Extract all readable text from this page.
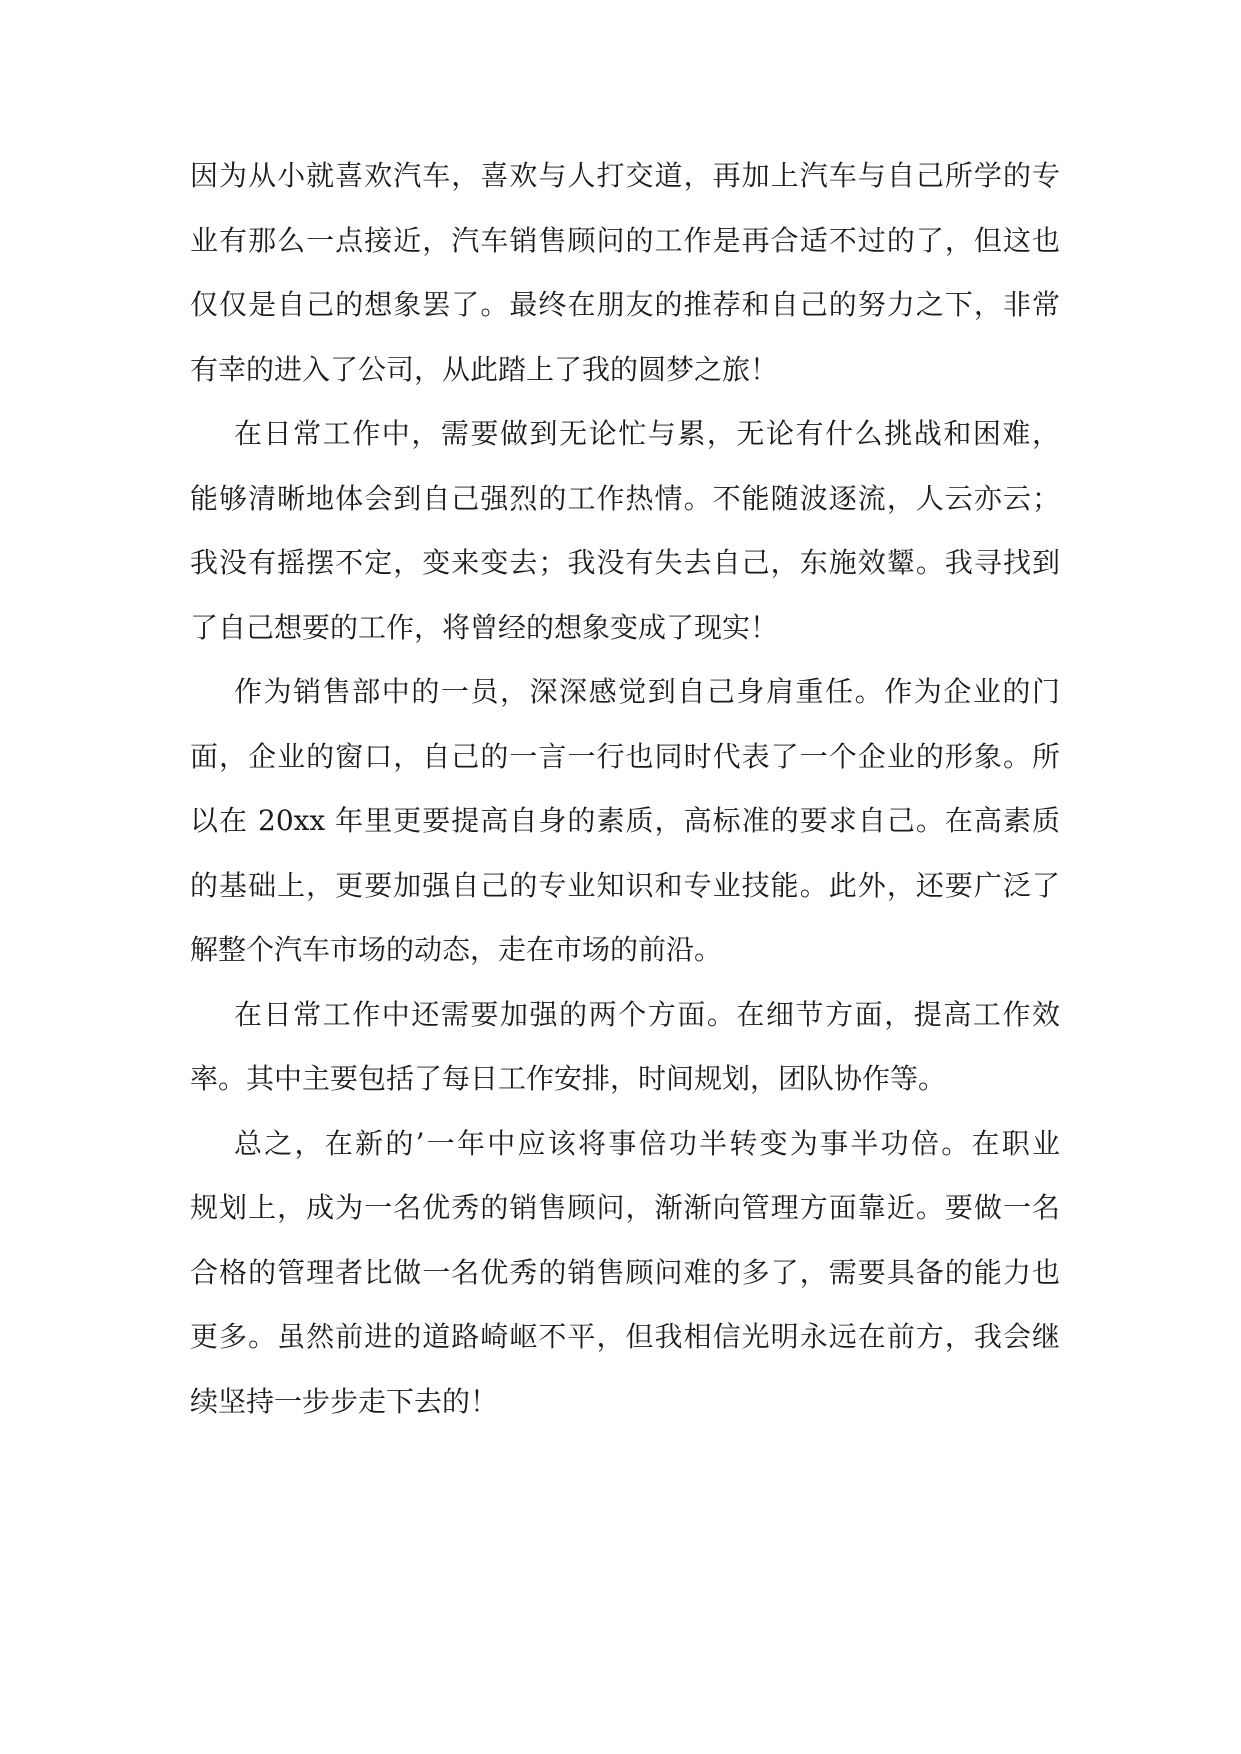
因为从小就喜欢汽车，喜欢与人打交道，再加上汽车与自己所学的专
业有那么一点接近，汽车销售顾问的工作是再合适不过的了，但这也
仅仅是自己的想象罢了。最终在朋友的推荐和自己的努力之下，非常
有幸的进入了公司，从此踏上了我的圆梦之旅！
在日常工作中，需要做到无论忙与累，无论有什么挑战和困难，
能够清晰地体会到自己强烈的工作热情。不能随波逐流，人云亦云；
我没有摇摆不定，变来变去；我没有失去自己，东施效颦。我寻找到
了自己想要的工作，将曾经的想象变成了现实！
作为销售部中的一员，深深感觉到自己身肩重任。作为企业的门
面，企业的窗口，自己的一言一行也同时代表了一个企业的形象。所
以在 20xx 年里更要提高自身的素质，高标准的要求自己。在高素质
的基础上，更要加强自己的专业知识和专业技能。此外，还要广泛了
解整个汽车市场的动态，走在市场的前沿。
在日常工作中还需要加强的两个方面。在细节方面，提高工作效
率。其中主要包括了每日工作安排，时间规划，团队协作等。
总之，在新的’一年中应该将事倍功半转变为事半功倍。在职业
规划上，成为一名优秀的销售顾问，渐渐向管理方面靠近。要做一名
合格的管理者比做一名优秀的销售顾问难的多了，需要具备的能力也
更多。虽然前进的道路崎岖不平，但我相信光明永远在前方，我会继
续坚持一步步走下去的！
